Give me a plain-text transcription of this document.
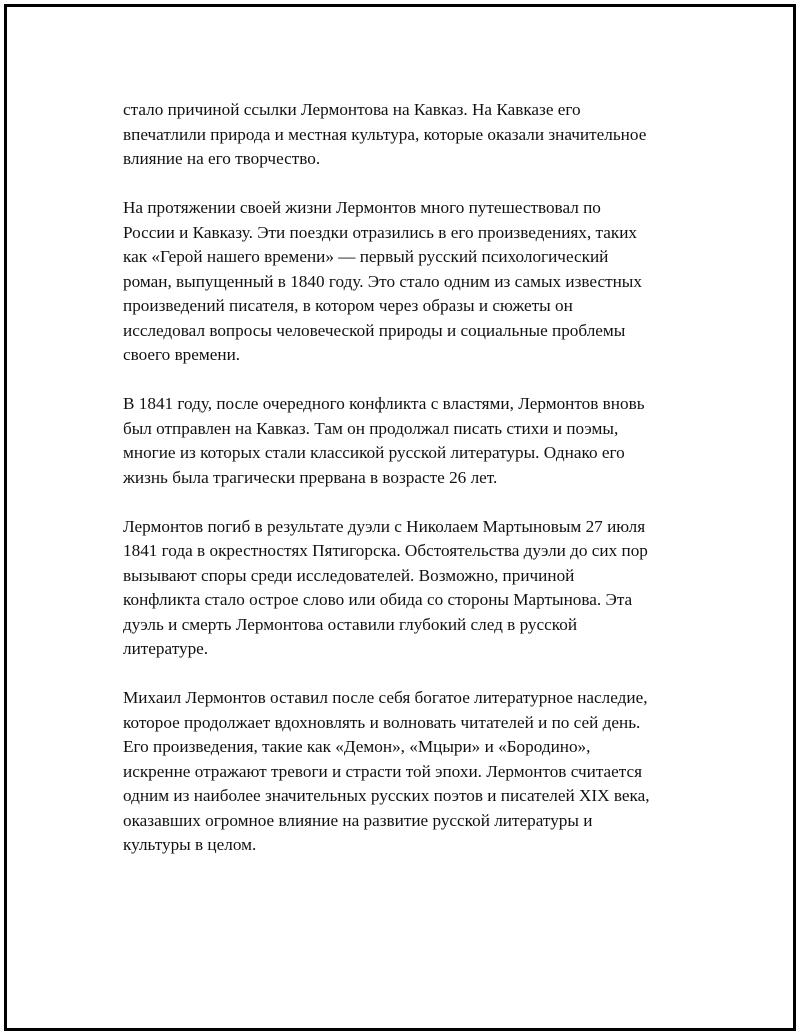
стало причиной ссылки Лермонтова на Кавказ. На Кавказе его
впечатлили природа и местная культура, которые оказали значительное
влияние на его творчество.

На протяжении своей жизни Лермонтов много путешествовал по
России и Кавказу. Эти поездки отразились в его произведениях, таких
как «Герой нашего времени» — первый русский психологический
роман, выпущенный в 1840 году. Это стало одним из самых известных
произведений писателя, в котором через образы и сюжеты он
исследовал вопросы человеческой природы и социальные проблемы
своего времени.

В 1841 году, после очередного конфликта с властями, Лермонтов вновь
был отправлен на Кавказ. Там он продолжал писать стихи и поэмы,
многие из которых стали классикой русской литературы. Однако его
жизнь была трагически прервана в возрасте 26 лет.

Лермонтов погиб в результате дуэли с Николаем Мартыновым 27 июля
1841 года в окрестностях Пятигорска. Обстоятельства дуэли до сих пор
вызывают споры среди исследователей. Возможно, причиной
конфликта стало острое слово или обида со стороны Мартынова. Эта
дуэль и смерть Лермонтова оставили глубокий след в русской
литературе.

Михаил Лермонтов оставил после себя богатое литературное наследие,
которое продолжает вдохновлять и волновать читателей и по сей день.
Его произведения, такие как «Демон», «Мцыри» и «Бородино»,
искренне отражают тревоги и страсти той эпохи. Лермонтов считается
одним из наиболее значительных русских поэтов и писателей XIX века,
оказавших огромное влияние на развитие русской литературы и
культуры в целом.
